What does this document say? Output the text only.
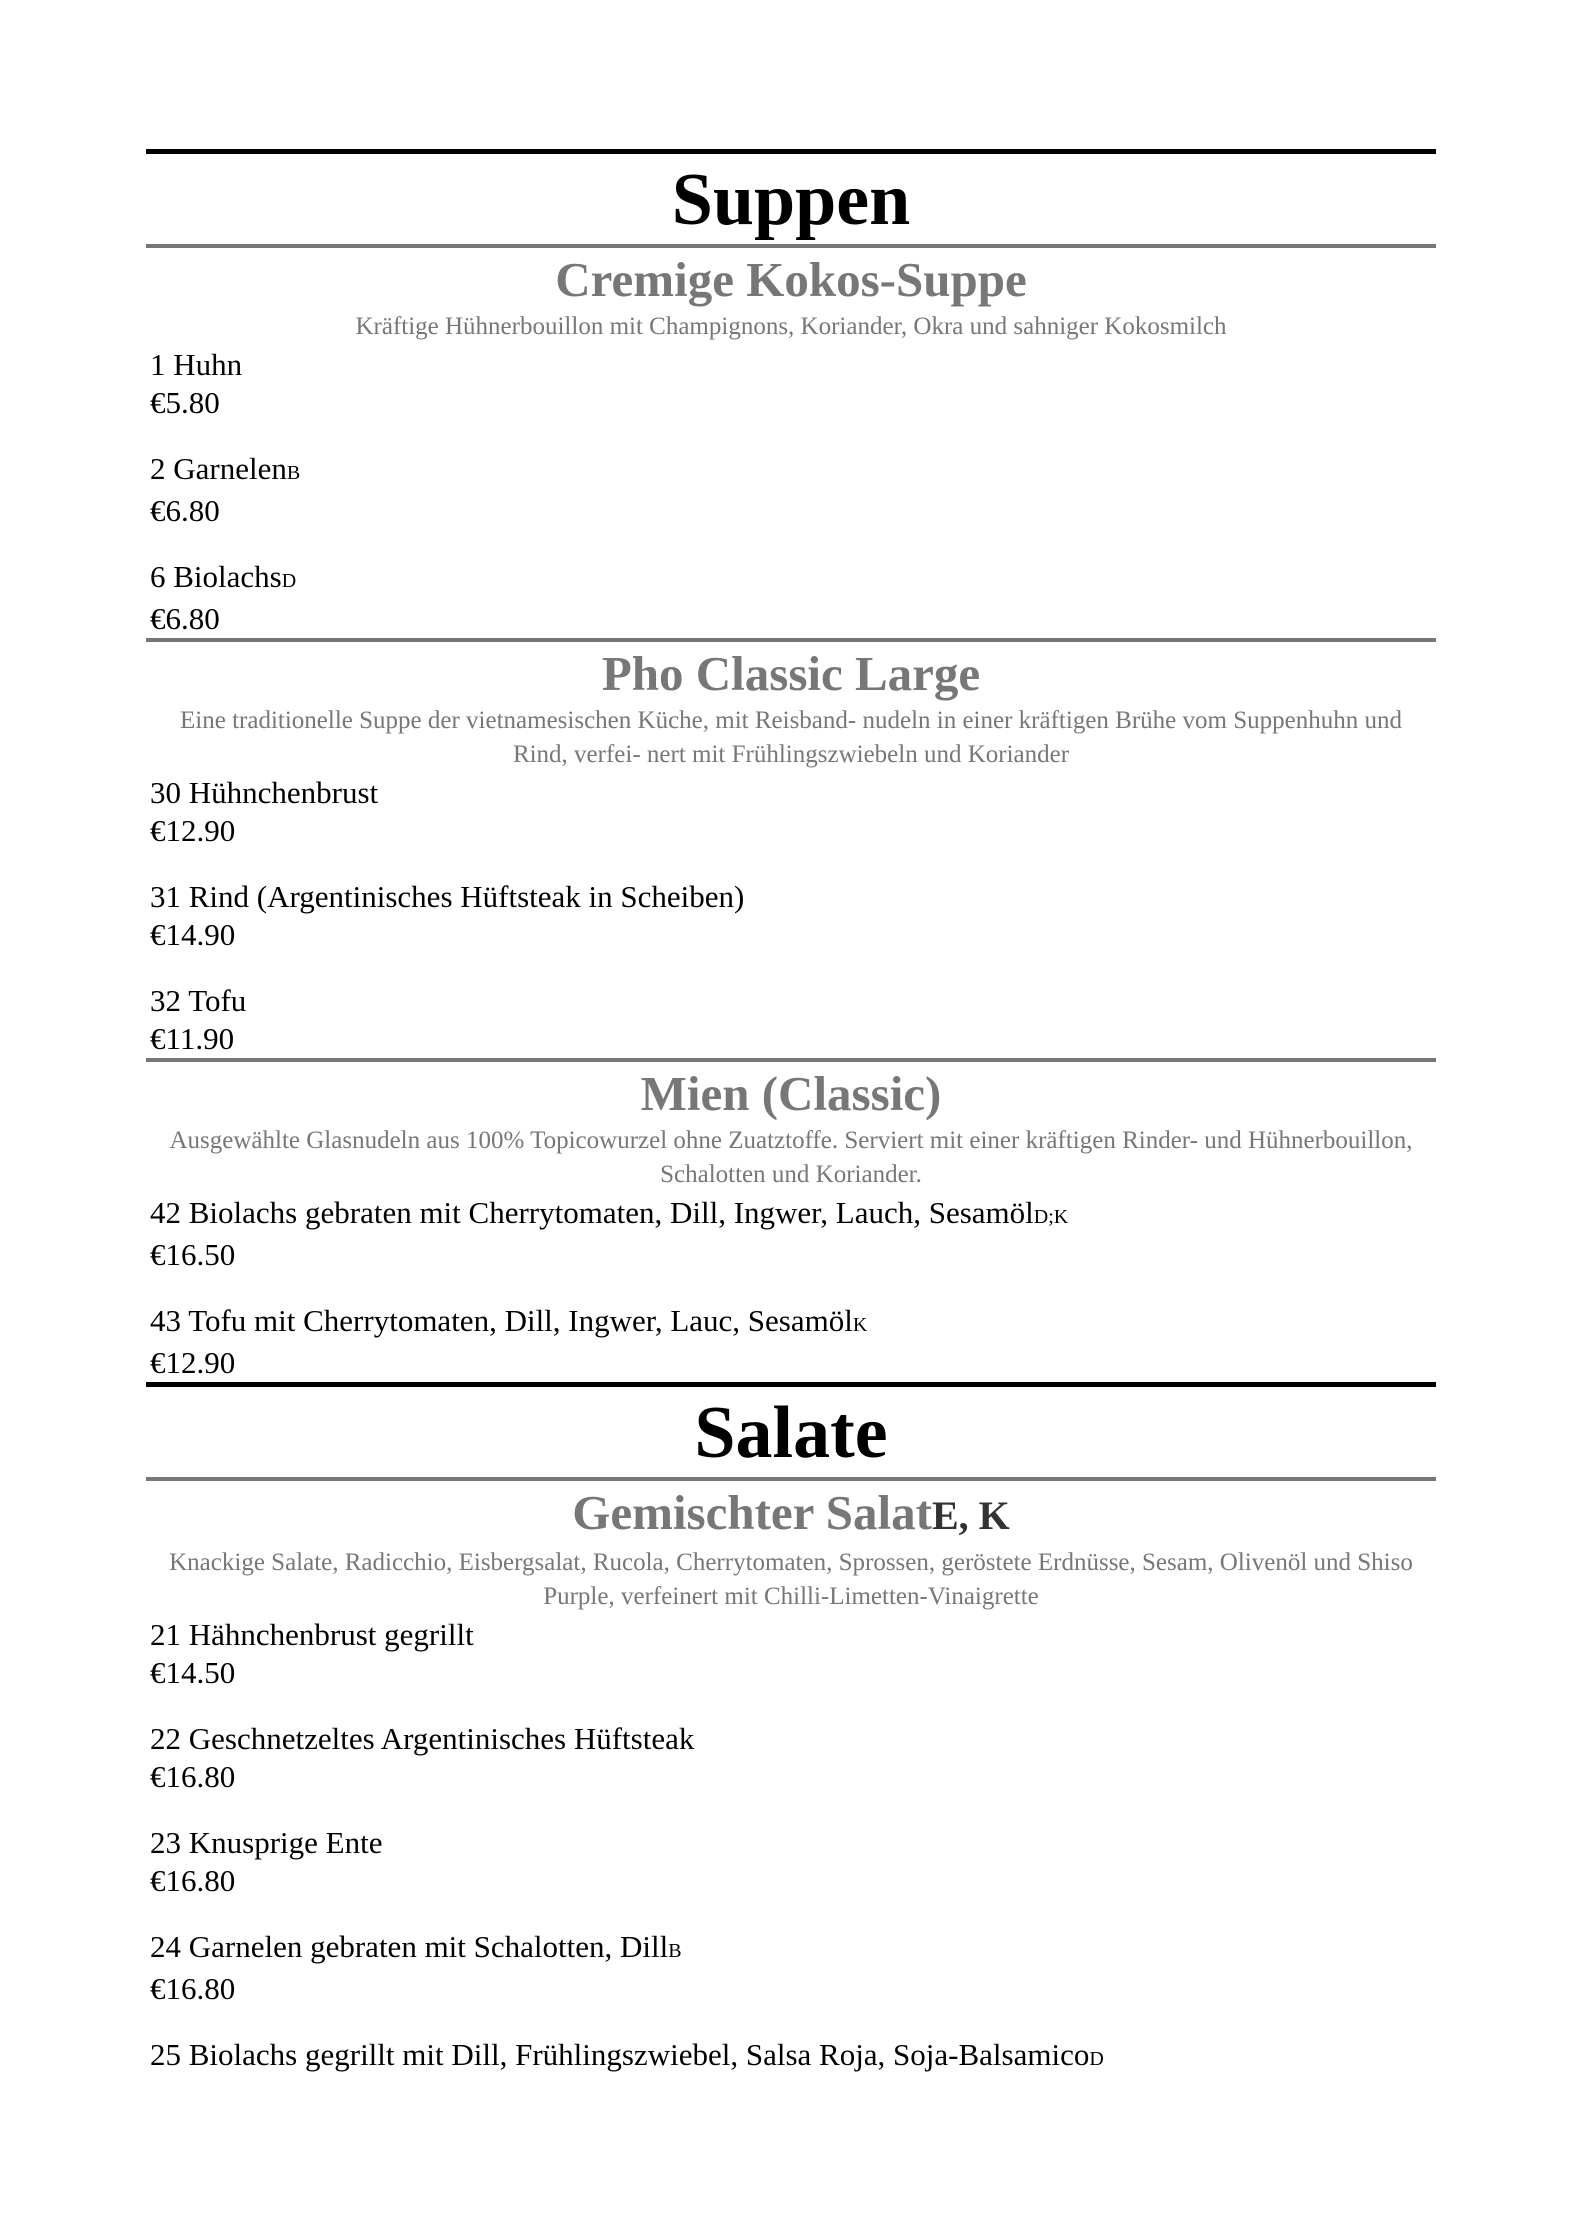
Suppen
Cremige Kokos-Suppe
Kräftige Hühnerbouillon mit Champignons, Koriander, Okra und sahniger Kokosmilch
1 Huhn
€5.80
2 GarnelenB
€6.80
6 BiolachsD
€6.80
Pho Classic Large
Eine traditionelle Suppe der vietnamesischen Küche, mit Reisband- nudeln in einer kräftigen Brühe vom Suppenhuhn und Rind, verfei- nert mit Frühlingszwiebeln und Koriander
30 Hühnchenbrust
€12.90
31 Rind (Argentinisches Hüftsteak in Scheiben)
€14.90
32 Tofu
€11.90
Mien (Classic)
Ausgewählte Glasnudeln aus 100% Topicowurzel ohne Zuatztoffe. Serviert mit einer kräftigen Rinder- und Hühnerbouillon, Schalotten und Koriander.
42 Biolachs gebraten mit Cherrytomaten, Dill, Ingwer, Lauch, SesamölD;K
€16.50
43 Tofu mit Cherrytomaten, Dill, Ingwer, Lauc, SesamölK
€12.90
Salate
Gemischter SalatE, K
Knackige Salate, Radicchio, Eisbergsalat, Rucola, Cherrytomaten, Sprossen, geröstete Erdnüsse, Sesam, Olivenöl und Shiso Purple, verfeinert mit Chilli-Limetten-Vinaigrette
21 Hähnchenbrust gegrillt
€14.50
22 Geschnetzeltes Argentinisches Hüftsteak
€16.80
23 Knusprige Ente
€16.80
24 Garnelen gebraten mit Schalotten, DillB
€16.80
25 Biolachs gegrillt mit Dill, Frühlingszwiebel, Salsa Roja, Soja-BalsamicoD
